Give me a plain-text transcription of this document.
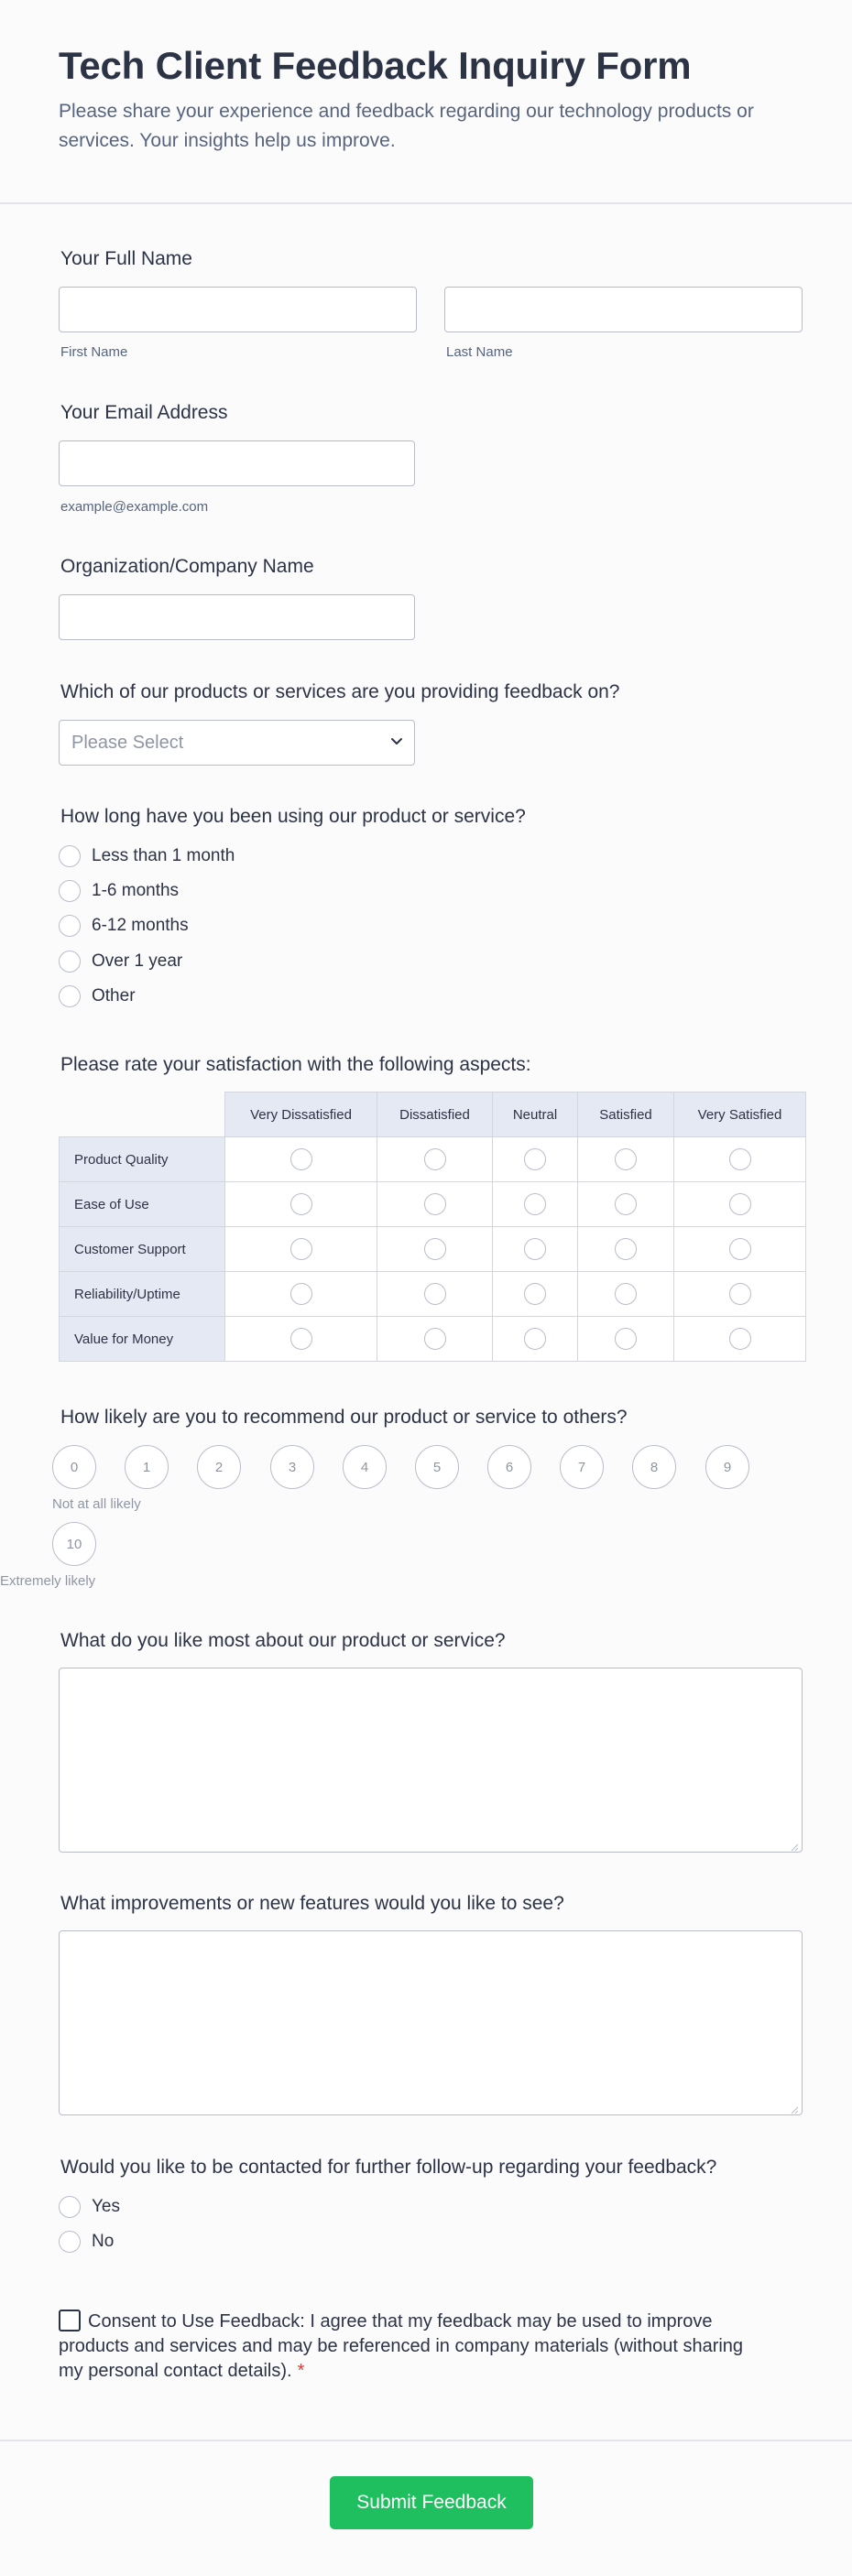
Tech Client Feedback Inquiry Form
Please share your experience and feedback regarding our technology products or services. Your insights help us improve.
Your Full Name
First Name	Last Name
Your Email Address
example@example.com
Organization/Company Name
Which of our products or services are you providing feedback on?
Please Select
How long have you been using our product or service?
Less than 1 month
1-6 months
6-12 months
Over 1 year
Other
Please rate your satisfaction with the following aspects:
	Very Dissatisfied	Dissatisfied	Neutral	Satisfied	Very Satisfied
Product Quality					
Ease of Use					
Customer Support					
Reliability/Uptime					
Value for Money					
How likely are you to recommend our product or service to others?
0	1	2	3	4	5	6	7	8	9
Not at all likely
10
Extremely likely
What do you like most about our product or service?
What improvements or new features would you like to see?
Would you like to be contacted for further follow-up regarding your feedback?
Yes
No
Consent to Use Feedback: I agree that my feedback may be used to improve products and services and may be referenced in company materials (without sharing my personal contact details). *
Submit Feedback
